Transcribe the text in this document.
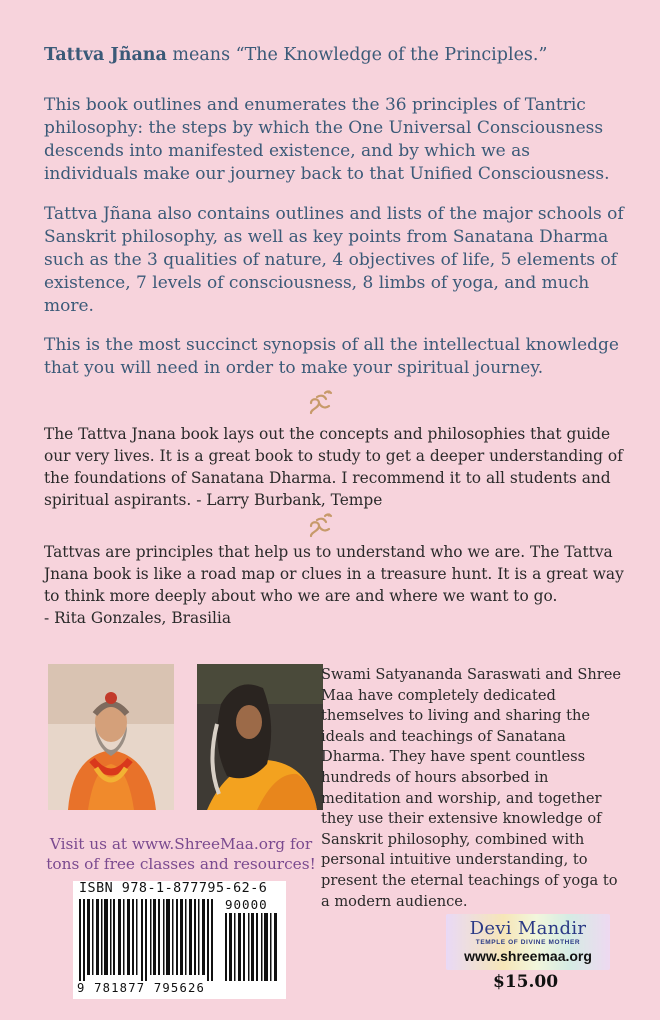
Tattva Jñana means “The Knowledge of the Principles.”

This book outlines and enumerates the 36 principles of Tantric philosophy: the steps by which the One Universal Consciousness descends into manifested existence, and by which we as individuals make our journey back to that Unified Consciousness.

Tattva Jñana also contains outlines and lists of the major schools of Sanskrit philosophy, as well as key points from Sanatana Dharma such as the 3 qualities of nature, 4 objectives of life, 5 elements of existence, 7 levels of consciousness, 8 limbs of yoga, and much more.

This is the most succinct synopsis of all the intellectual knowledge that you will need in order to make your spiritual journey.

The Tattva Jnana book lays out the concepts and philosophies that guide our very lives. It is a great book to study to get a deeper understanding of the foundations of Sanatana Dharma. I recommend it to all students and spiritual aspirants. - Larry Burbank, Tempe

Tattvas are principles that help us to understand who we are. The Tattva Jnana book is like a road map or clues in a treasure hunt. It is a great way to think more deeply about who we are and where we want to go.
- Rita Gonzales, Brasilia
Swami Satyananda Saraswati and Shree Maa have completely dedicated themselves to living and sharing the ideals and teachings of Sanatana Dharma. They have spent countless hundreds of hours absorbed in meditation and worship, and together they use their extensive knowledge of Sanskrit philosophy, combined with personal intuitive understanding, to present the eternal teachings of yoga to a modern audience.
Visit us at www.ShreeMaa.org for tons of free classes and resources!
ISBN 978-1-877795-62-6
90000
9 781877 795626
Devi Mandir
TEMPLE OF DIVINE MOTHER
www.shreemaa.org
$15.00
